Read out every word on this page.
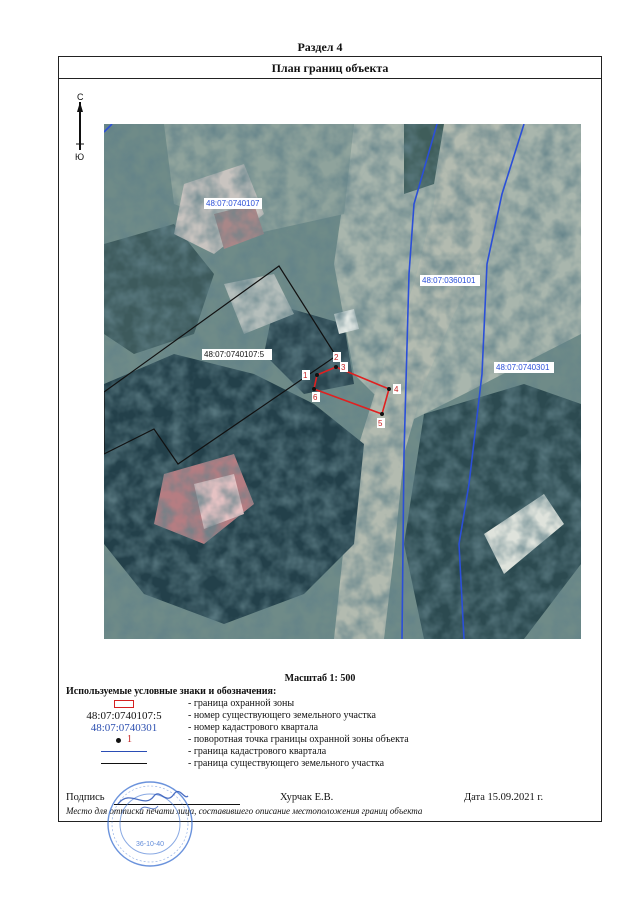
Раздел 4
План границ объекта
С
Ю
1
2
3
4
5
6
48:07:0740107
48:07:0740107:5
48:07:0360101
48:07:0740301
Масштаб 1: 500
Используемые условные знаки и обозначения:
- граница охранной зоны
48:07:0740107:5	- номер существующего земельного участка
48:07:0740301	- номер кадастрового квартала
1	- поворотная точка границы охранной зоны объекта
- граница кадастрового квартала
- граница существующего земельного участка
Подпись	Хурчак Е.В.	Дата 15.09.2021 г.
Место для оттиска печати лица, составившего описание местоположения границ объекта
36-10-40
